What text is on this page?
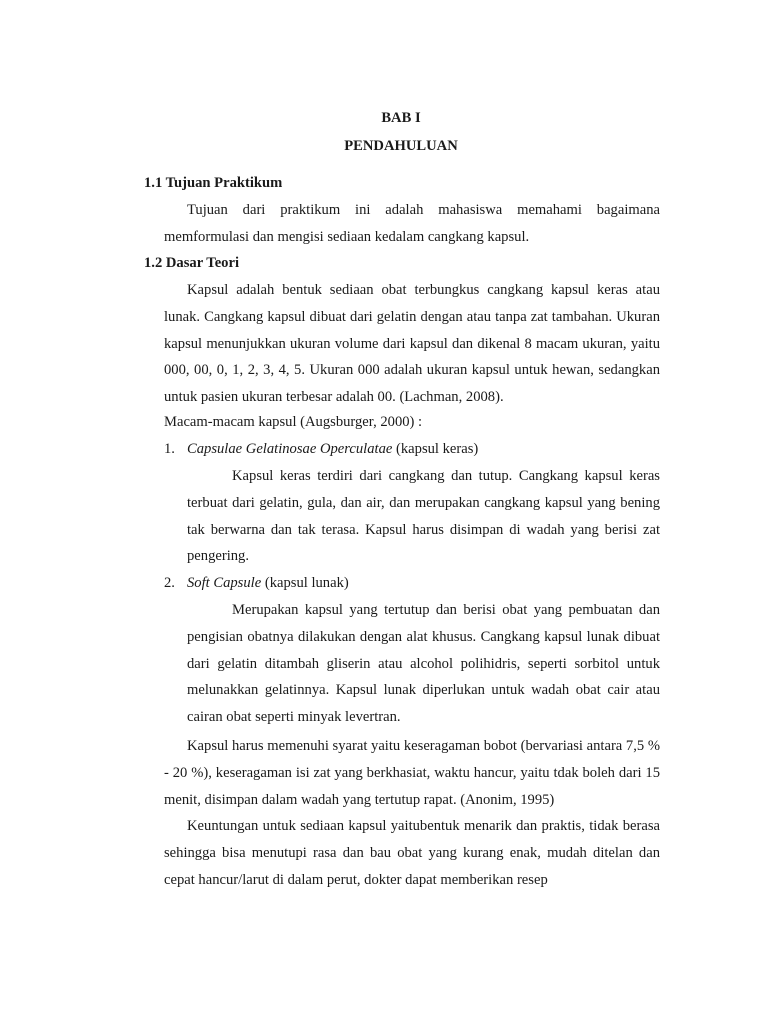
BAB I
PENDAHULUAN
1.1 Tujuan Praktikum
Tujuan dari praktikum ini adalah mahasiswa memahami bagaimana memformulasi dan mengisi sediaan kedalam cangkang kapsul.
1.2 Dasar Teori
Kapsul adalah bentuk sediaan obat terbungkus cangkang kapsul keras atau lunak. Cangkang kapsul dibuat dari gelatin dengan atau tanpa zat tambahan. Ukuran kapsul menunjukkan ukuran volume dari kapsul dan dikenal 8 macam ukuran, yaitu 000, 00, 0, 1, 2, 3, 4, 5. Ukuran 000 adalah ukuran kapsul untuk hewan, sedangkan untuk pasien ukuran terbesar adalah 00. (Lachman, 2008).
Macam-macam kapsul (Augsburger, 2000) :
1. Capsulae Gelatinosae Operculatae (kapsul keras)
Kapsul keras terdiri dari cangkang dan tutup. Cangkang kapsul keras terbuat dari gelatin, gula, dan air, dan merupakan cangkang kapsul yang bening tak berwarna dan tak terasa. Kapsul harus disimpan di wadah yang berisi zat pengering.
2. Soft Capsule (kapsul lunak)
Merupakan kapsul yang tertutup dan berisi obat yang pembuatan dan pengisian obatnya dilakukan dengan alat khusus. Cangkang kapsul lunak dibuat dari gelatin ditambah gliserin atau alcohol polihidris, seperti sorbitol untuk melunakkan gelatinnya. Kapsul lunak diperlukan untuk wadah obat cair atau cairan obat seperti minyak levertran.
Kapsul harus memenuhi syarat yaitu keseragaman bobot (bervariasi antara 7,5 % - 20 %), keseragaman isi zat yang berkhasiat, waktu hancur, yaitu tdak boleh dari 15 menit, disimpan dalam wadah yang tertutup rapat. (Anonim, 1995)
Keuntungan untuk sediaan kapsul yaitubentuk menarik dan praktis, tidak berasa sehingga bisa menutupi rasa dan bau obat yang kurang enak, mudah ditelan dan cepat hancur/larut di dalam perut, dokter dapat memberikan resep
